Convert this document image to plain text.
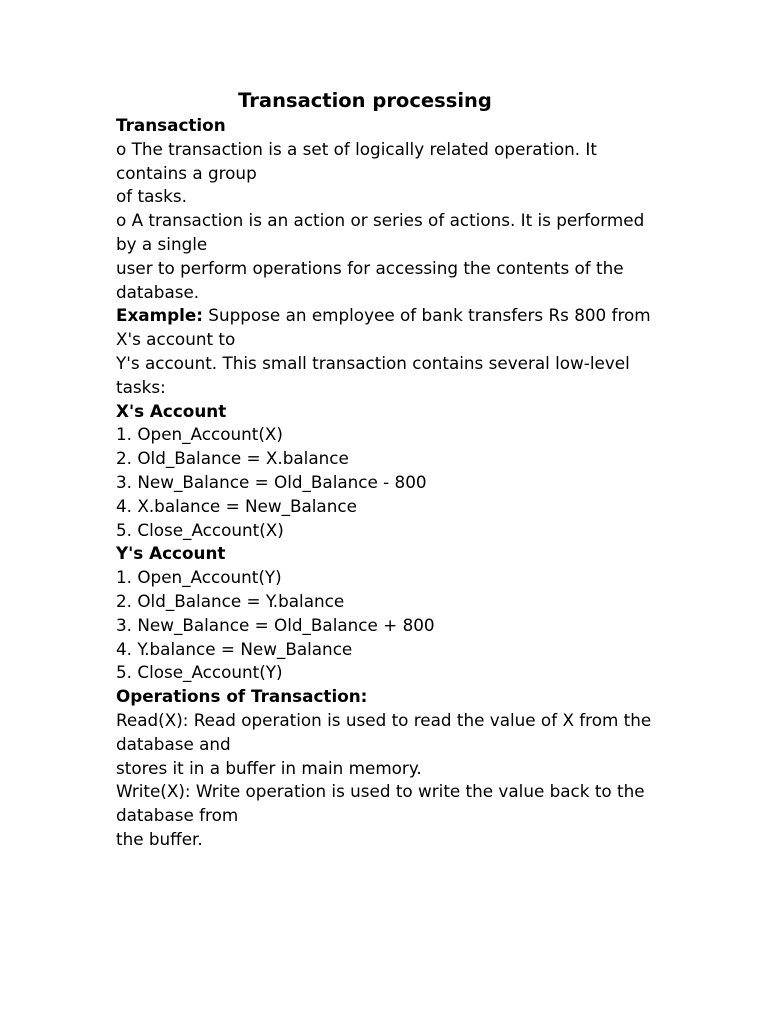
Transaction processing
Transaction
o The transaction is a set of logically related operation. It
contains a group
of tasks.
o A transaction is an action or series of actions. It is performed
by a single
user to perform operations for accessing the contents of the
database.
Example: Suppose an employee of bank transfers Rs 800 from
X's account to
Y's account. This small transaction contains several low-level
tasks:
X's Account
1. Open_Account(X)
2. Old_Balance = X.balance
3. New_Balance = Old_Balance - 800
4. X.balance = New_Balance
5. Close_Account(X)
Y's Account
1. Open_Account(Y)
2. Old_Balance = Y.balance
3. New_Balance = Old_Balance + 800
4. Y.balance = New_Balance
5. Close_Account(Y)
Operations of Transaction:
Read(X): Read operation is used to read the value of X from the
database and
stores it in a buffer in main memory.
Write(X): Write operation is used to write the value back to the
database from
the buffer.
